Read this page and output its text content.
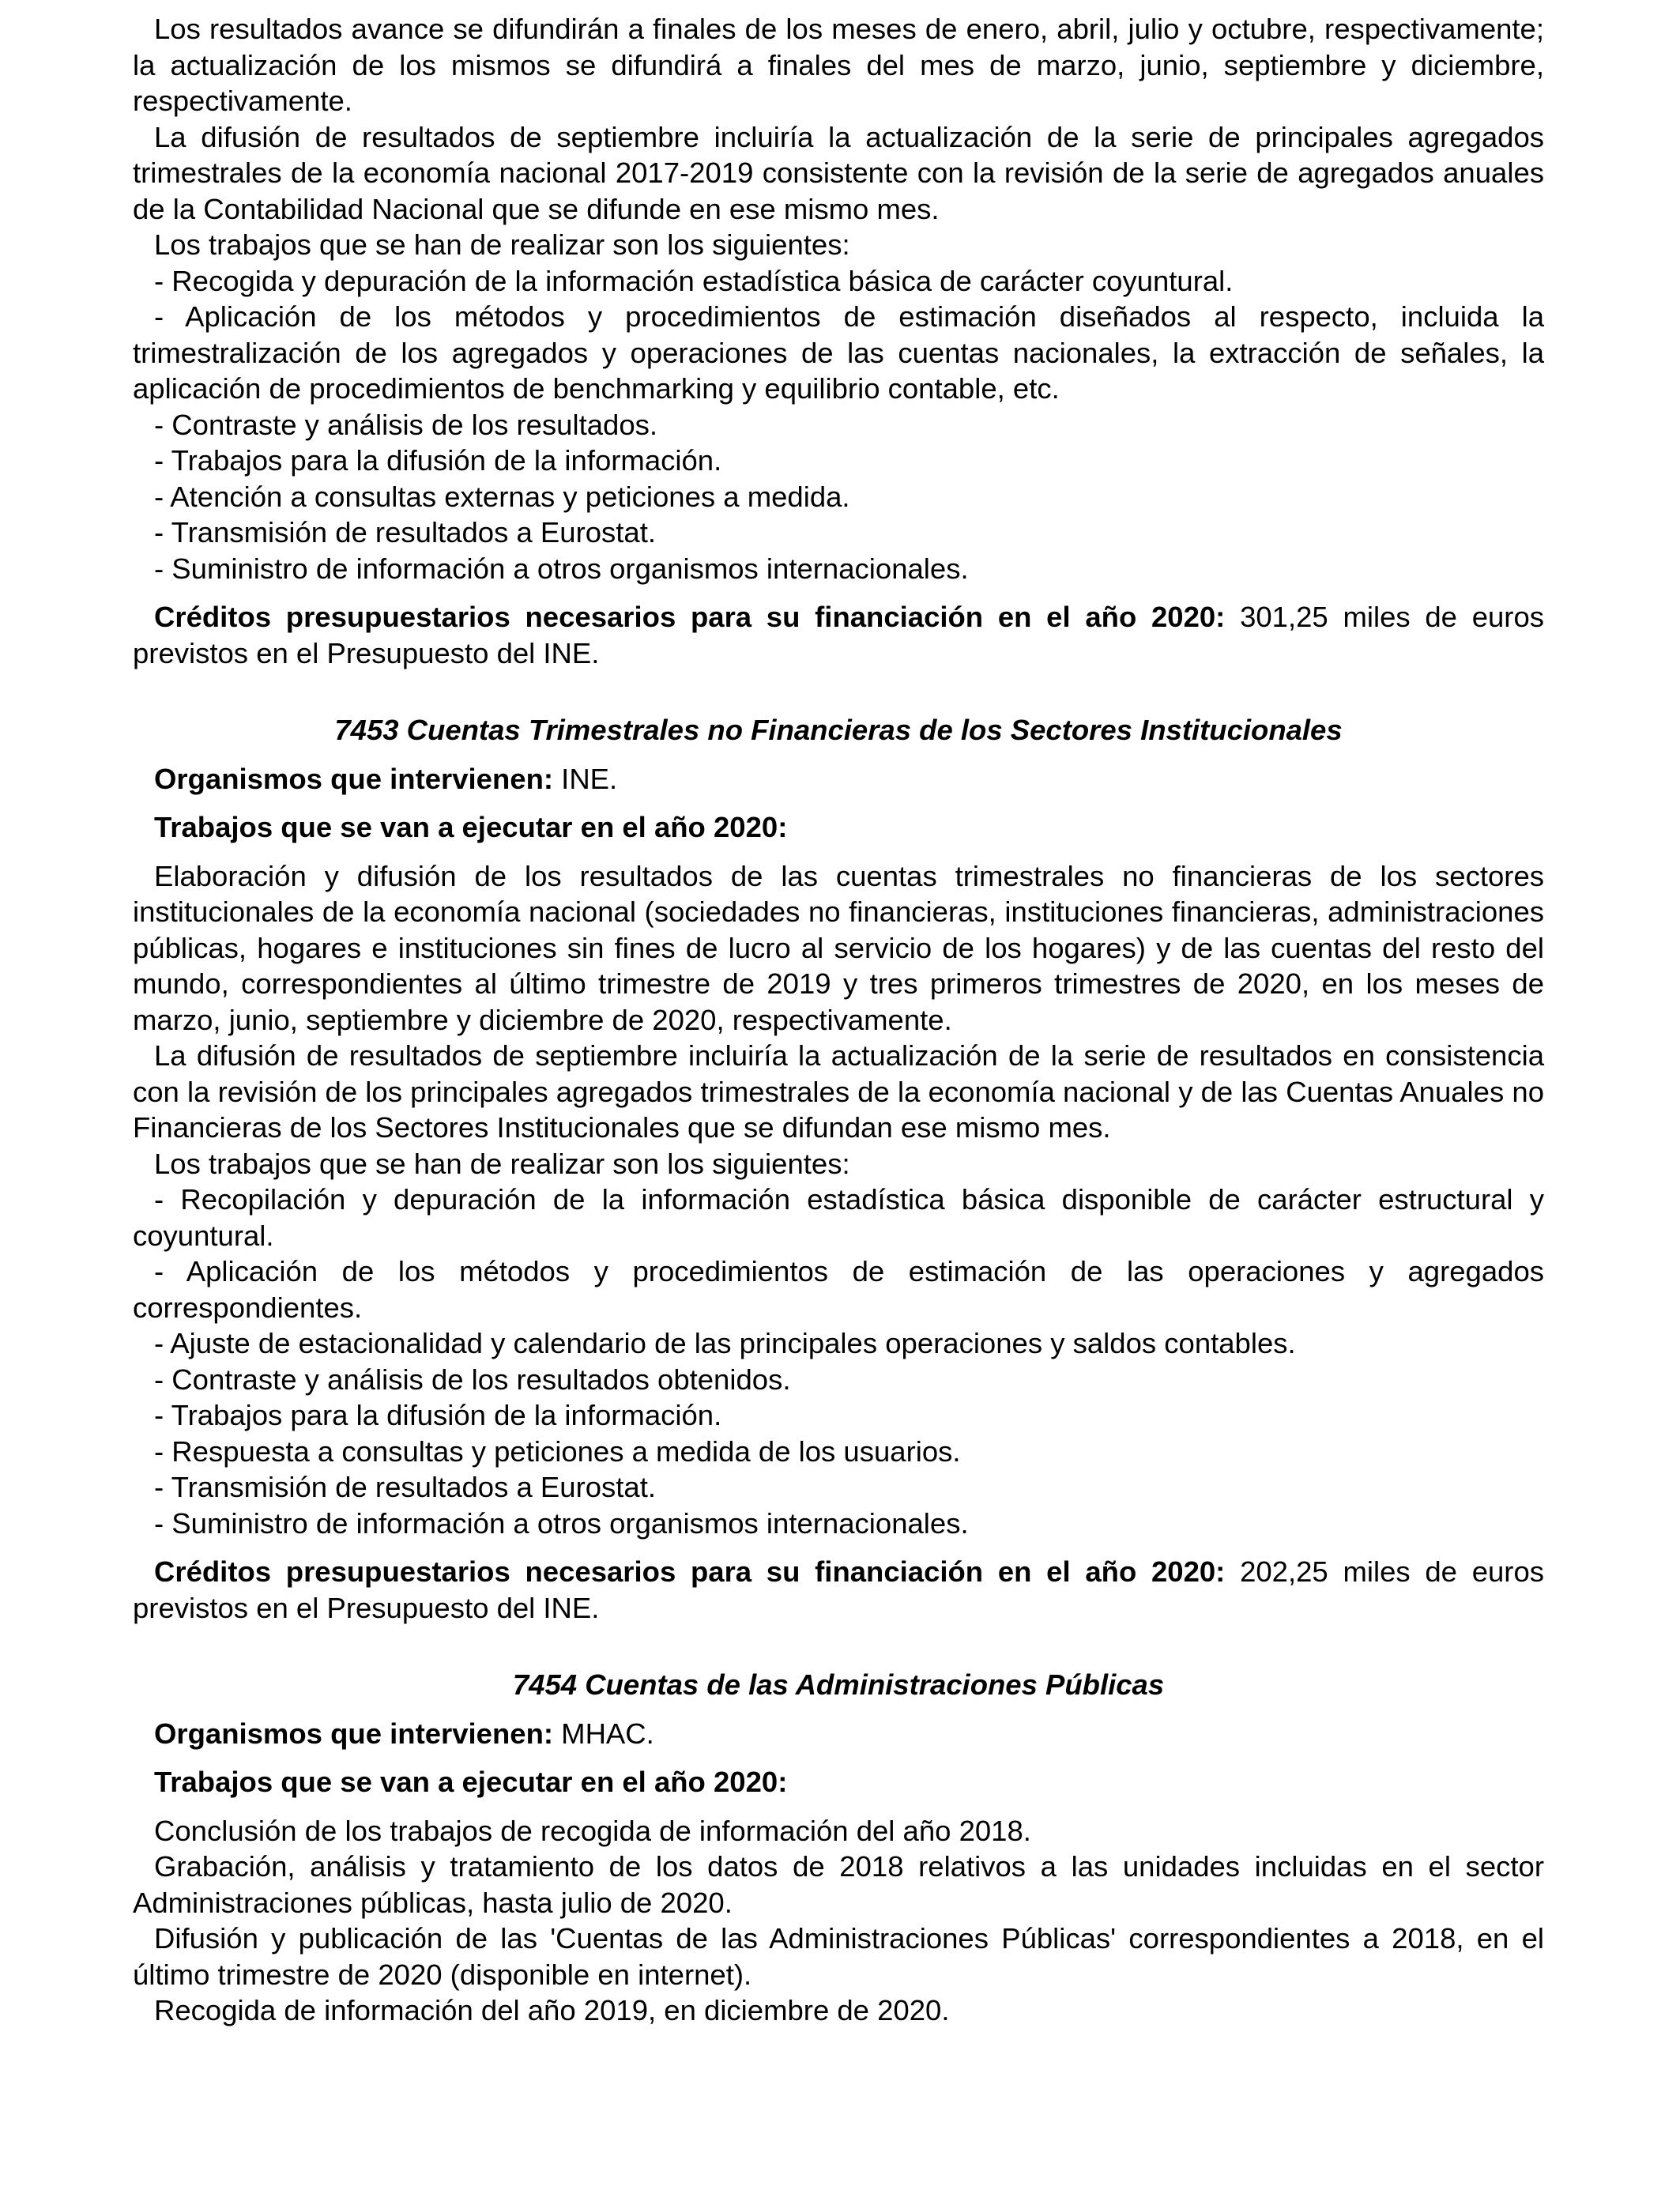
Los resultados avance se difundirán a finales de los meses de enero, abril, julio y octubre, respectivamente; la actualización de los mismos se difundirá a finales del mes de marzo, junio, septiembre y diciembre, respectivamente.

La difusión de resultados de septiembre incluiría la actualización de la serie de principales agregados trimestrales de la economía nacional 2017-2019 consistente con la revisión de la serie de agregados anuales de la Contabilidad Nacional que se difunde en ese mismo mes.

Los trabajos que se han de realizar son los siguientes:

- Recogida y depuración de la información estadística básica de carácter coyuntural.

- Aplicación de los métodos y procedimientos de estimación diseñados al respecto, incluida la trimestralización de los agregados y operaciones de las cuentas nacionales, la extracción de señales, la aplicación de procedimientos de benchmarking y equilibrio contable, etc.

- Contraste y análisis de los resultados.

- Trabajos para la difusión de la información.

- Atención a consultas externas y peticiones a medida.

- Transmisión de resultados a Eurostat.

- Suministro de información a otros organismos internacionales.

Créditos presupuestarios necesarios para su financiación en el año 2020: 301,25 miles de euros previstos en el Presupuesto del INE.

7453 Cuentas Trimestrales no Financieras de los Sectores Institucionales

Organismos que intervienen: INE.

Trabajos que se van a ejecutar en el año 2020:

Elaboración y difusión de los resultados de las cuentas trimestrales no financieras de los sectores institucionales de la economía nacional (sociedades no financieras, instituciones financieras, administraciones públicas, hogares e instituciones sin fines de lucro al servicio de los hogares) y de las cuentas del resto del mundo, correspondientes al último trimestre de 2019 y tres primeros trimestres de 2020, en los meses de marzo, junio, septiembre y diciembre de 2020, respectivamente.

La difusión de resultados de septiembre incluiría la actualización de la serie de resultados en consistencia con la revisión de los principales agregados trimestrales de la economía nacional y de las Cuentas Anuales no Financieras de los Sectores Institucionales que se difundan ese mismo mes.

Los trabajos que se han de realizar son los siguientes:

- Recopilación y depuración de la información estadística básica disponible de carácter estructural y coyuntural.

- Aplicación de los métodos y procedimientos de estimación de las operaciones y agregados correspondientes.

- Ajuste de estacionalidad y calendario de las principales operaciones y saldos contables.

- Contraste y análisis de los resultados obtenidos.

- Trabajos para la difusión de la información.

- Respuesta a consultas y peticiones a medida de los usuarios.

- Transmisión de resultados a Eurostat.

- Suministro de información a otros organismos internacionales.

Créditos presupuestarios necesarios para su financiación en el año 2020: 202,25 miles de euros previstos en el Presupuesto del INE.

7454 Cuentas de las Administraciones Públicas

Organismos que intervienen: MHAC.

Trabajos que se van a ejecutar en el año 2020:

Conclusión de los trabajos de recogida de información del año 2018.

Grabación, análisis y tratamiento de los datos de 2018 relativos a las unidades incluidas en el sector Administraciones públicas, hasta julio de 2020.

Difusión y publicación de las 'Cuentas de las Administraciones Públicas' correspondientes a 2018, en el último trimestre de 2020 (disponible en internet).

Recogida de información del año 2019, en diciembre de 2020.
